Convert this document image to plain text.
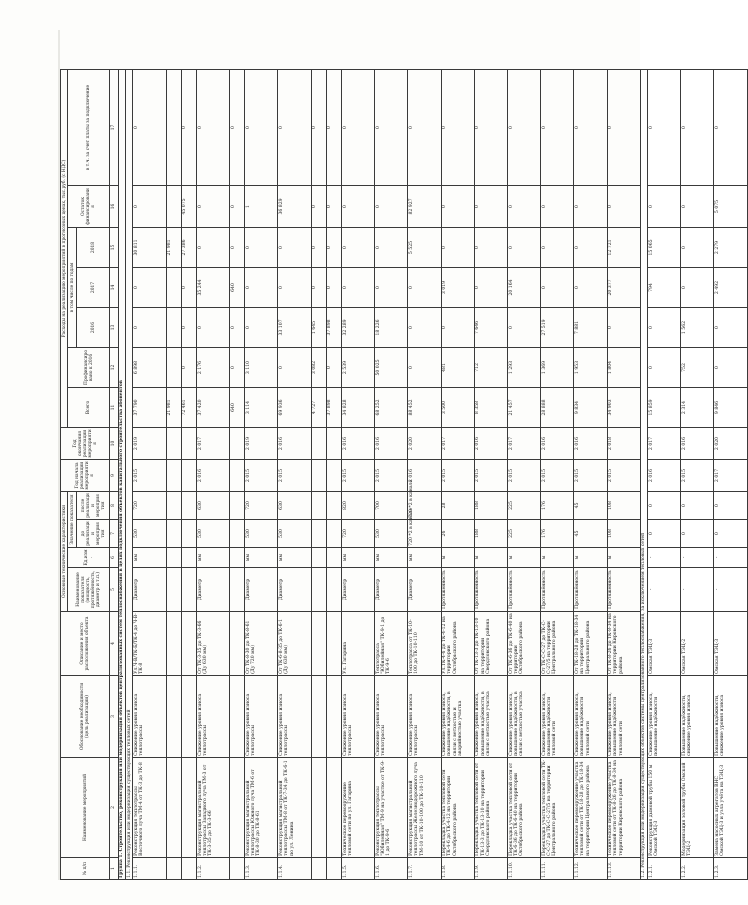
№ п/п	Наименование мероприятий	Обоснование необходимости (цель реализации)	Описание и место расположения объекта	Основные технические характеристики				Год начала реализации мероприятия	Год окончания реализации мероприятия	Расходы на реализацию мероприятий в прогнозных ценах, тыс.руб. (с НДС)						
				Наименование показателя (мощность, протяжённость, диаметр и т.п.)	Ед.изм.	Значение показателя				Всего	Профинансировано к 2016	в том числе по годам			Остаток финансирования	в т.ч. за счет платы за подключение
						до реализации мероприятия	после реализации мероприятия					2016	2017	2018		
1	2	3	4	5	6	7	8	9	10	11	12	13	14	15	16	17
Группа 1. Строительство, реконструкция или модернизация объектов централизованных систем теплоснабжения в целях подключения объектов капитального строительства абонентов																
1.1. Реконструкция или модернизация существующих тепловых сетей																
1.1.1.	Реконструкция теплотрассы Восточного луча ТМ-4 от ТК-3 до ТК-8	Снижение уровня износа теплотрассы	Ул.Ч-В/ТК-Б/ТК-4 до Ч-В-ТК-8	Диаметр	мм	530	720	2 015	2 019	37 790	6 898	0	0	30 811	0	0
										21 981				21 981		
										72 461	0	0	0	27 386	45 075	0
1.1.2.	Реконструкция магистральной теплотрассы Западного луча ТМ-3 от ТК-3-35 до ТК-3-66	Снижение уровня износа теплотрассы	От ТК-3-35 до ТК-3-66 (Ду 630 мм)	Диаметр	мм	530	630	2 016	2 017	37 420	2 176	0	35 244	0	0	0
										640	0	0	640	0	0	0
1.1.3.	Реконструкция магистральной теплотрассы Южного луча ТМ-6 от ТК-8-30 до ТК-8-61	Снижение уровня износа теплотрассы	От ТК-8-30 до ТК-8-61 (Ду 720 мм)	Диаметр	мм	530	720	2 015	2 019	3 114	3 110	0	0	0	1	0
1.1.4.	Реконструкция магистральной теплотрассы ТМ-8 от ТК-7-34 до ТК-6-1 по ул. Ленина	Снижение уровня износа теплотрассы	От ТК-6-8-35 до ТК-6-1 (Ду 630 мм)	Диаметр	мм	530	630	2 015	2 016	69 936	0	33 107	0	0	36 829	0
										4 727	3 082	1 645	0	0	0	0
										37 898	0	37 898	0	0	0	0
1.1.5.	Техническое перевооружение тепловой сети по ул. Гагарина	Снижение уровня износа теплотрассы	Ул. Гагарина	Диаметр	мм	720	820	2 015	2 016	34 828	2 539	32 289	0	0	0	0
1.1.6.	Реконструкция теплотрассы "Юбилейная" ТМ-9 на участке от ТК-9-1 до ТК-9-6	Снижение уровня износа теплотрассы	Теплотрасса "Юбилейная" ТК-9-1 до ТК-9-6	Диаметр	мм	530	700	2 015	2 016	68 252	50 025	18 226	0	0	0	0
1.1.7.	Реконструкция магистральной теплотрассы Железнодорожного луча ТМ-10 от ТК-10-100 до ТК-10-110	Снижение уровня износа теплотрассы	Теплотрасса от ТК-10-100 до ТК-10-110	Диаметр	мм	720 *2 в канале	720 *2 в канале	2 016	2 020	88 452	0	0	0	5 525	82 927	0
1.1.8.	Перекладка участка тепловой сети ТК-4-6 до ТК-4-12 на территории Октябрьского района	Снижение уровня износа, повышение надёжности, в связи с ветхостью и аварийностью участка	Ул.ТК-4-6 до ТК-4-12 на территории Октябрьского района	Протяжённость	м	26	28	2 015	2 017	3 500	481	0	3 019	0	0	0
1.1.9.	Перекладка участка тепловой сети от ТК-13-3 до ТК-13-10 на территории Свердловского района	Снижение уровня износа, повышение надёжности, в связи с ветхостью участка	От ТК-13-3 до ТК-13-10 на территории Свердловского района	Протяжённость	м	188	188	2 015	2 016	8 358	712	7 646	0	0	0	0
1.1.10.	Перекладка участка тепловой сети от ТК-6-36 до ТК-6-40 на территории Октябрьского района	Снижение уровня износа, повышение надёжности, в связи с ветхостью участка	От ТК-6-36 до ТК-6-40 на территории Октябрьского района	Протяжённость	м	225	225	2 015	2 017	21 457	1 293	0	20 164	0	0	0
1.1.11.	Перекладка участка тепловой сети ТК-С-С-27 до ТК-С-С-27/5 на территории Центрального района	Снижение уровня износа, повышение надёжности тепловой сети	От ТК-С-С-27 до ТК-С-С-27/5 на территории Центрального района	Протяжённость	м	176	176	2 015	2 016	28 888	1 369	27 519	0	0	0	0
1.1.12.	Техническое перевооружение участка тепловой сети от ТК-18-28 до ТК-18-34 на территории Центрального района	Снижение уровня износа, повышение надёжности тепловой сети	От ТК-18-28 до ТК-18-34 на территории Центрального района	Протяжённость	м	45	45	2 015	2 016	9 834	1 953	7 881	0	0	0	0
1.1.13.	Техническое перевооружение участка тепловой сети от ТК-8-26 до ТК-8-34 на территории Кировского района	Снижение уровня износа, повышение надёжности тепловой сети	От ТК-8-26 до ТК-8-34 на территории Кировского района	Протяжённость	м	108	108	2 015	2 018	34 903	1 804	0	20 377	12 721	0	0
1.2. Реконструкция или модернизация существующих объектов системы централизованного теплоснабжения, за исключением тепловых сетей																
1.2.1.	Реконструкция дымовой трубы 150 м Омской ТЭЦ-3	Снижение уровня износа, повышение надёжности	Омская ТЭЦ-3	-	-	0	0	2 016	2 017	15 859	0	0	794	15 065	0	0
1.2.2.	Модернизация золовой трубы Омской ТЭЦ-2	Повышение надёжности, снижение уровня износа	Омская ТЭЦ-2	-	-	0	0	2 015	2 016	2 314	752	1 562	0	0	0	0
1.2.3.	Замена насосных агрегатов ВНС Омской ТЭЦ-3 и узла учёта на ТЭЦ-3	Повышение надёжности, снижение уровня износа	Омская ТЭЦ-3	-	-	0	0	2 017	2 020	9 846	0	0	2 492	2 279	5 075	0
